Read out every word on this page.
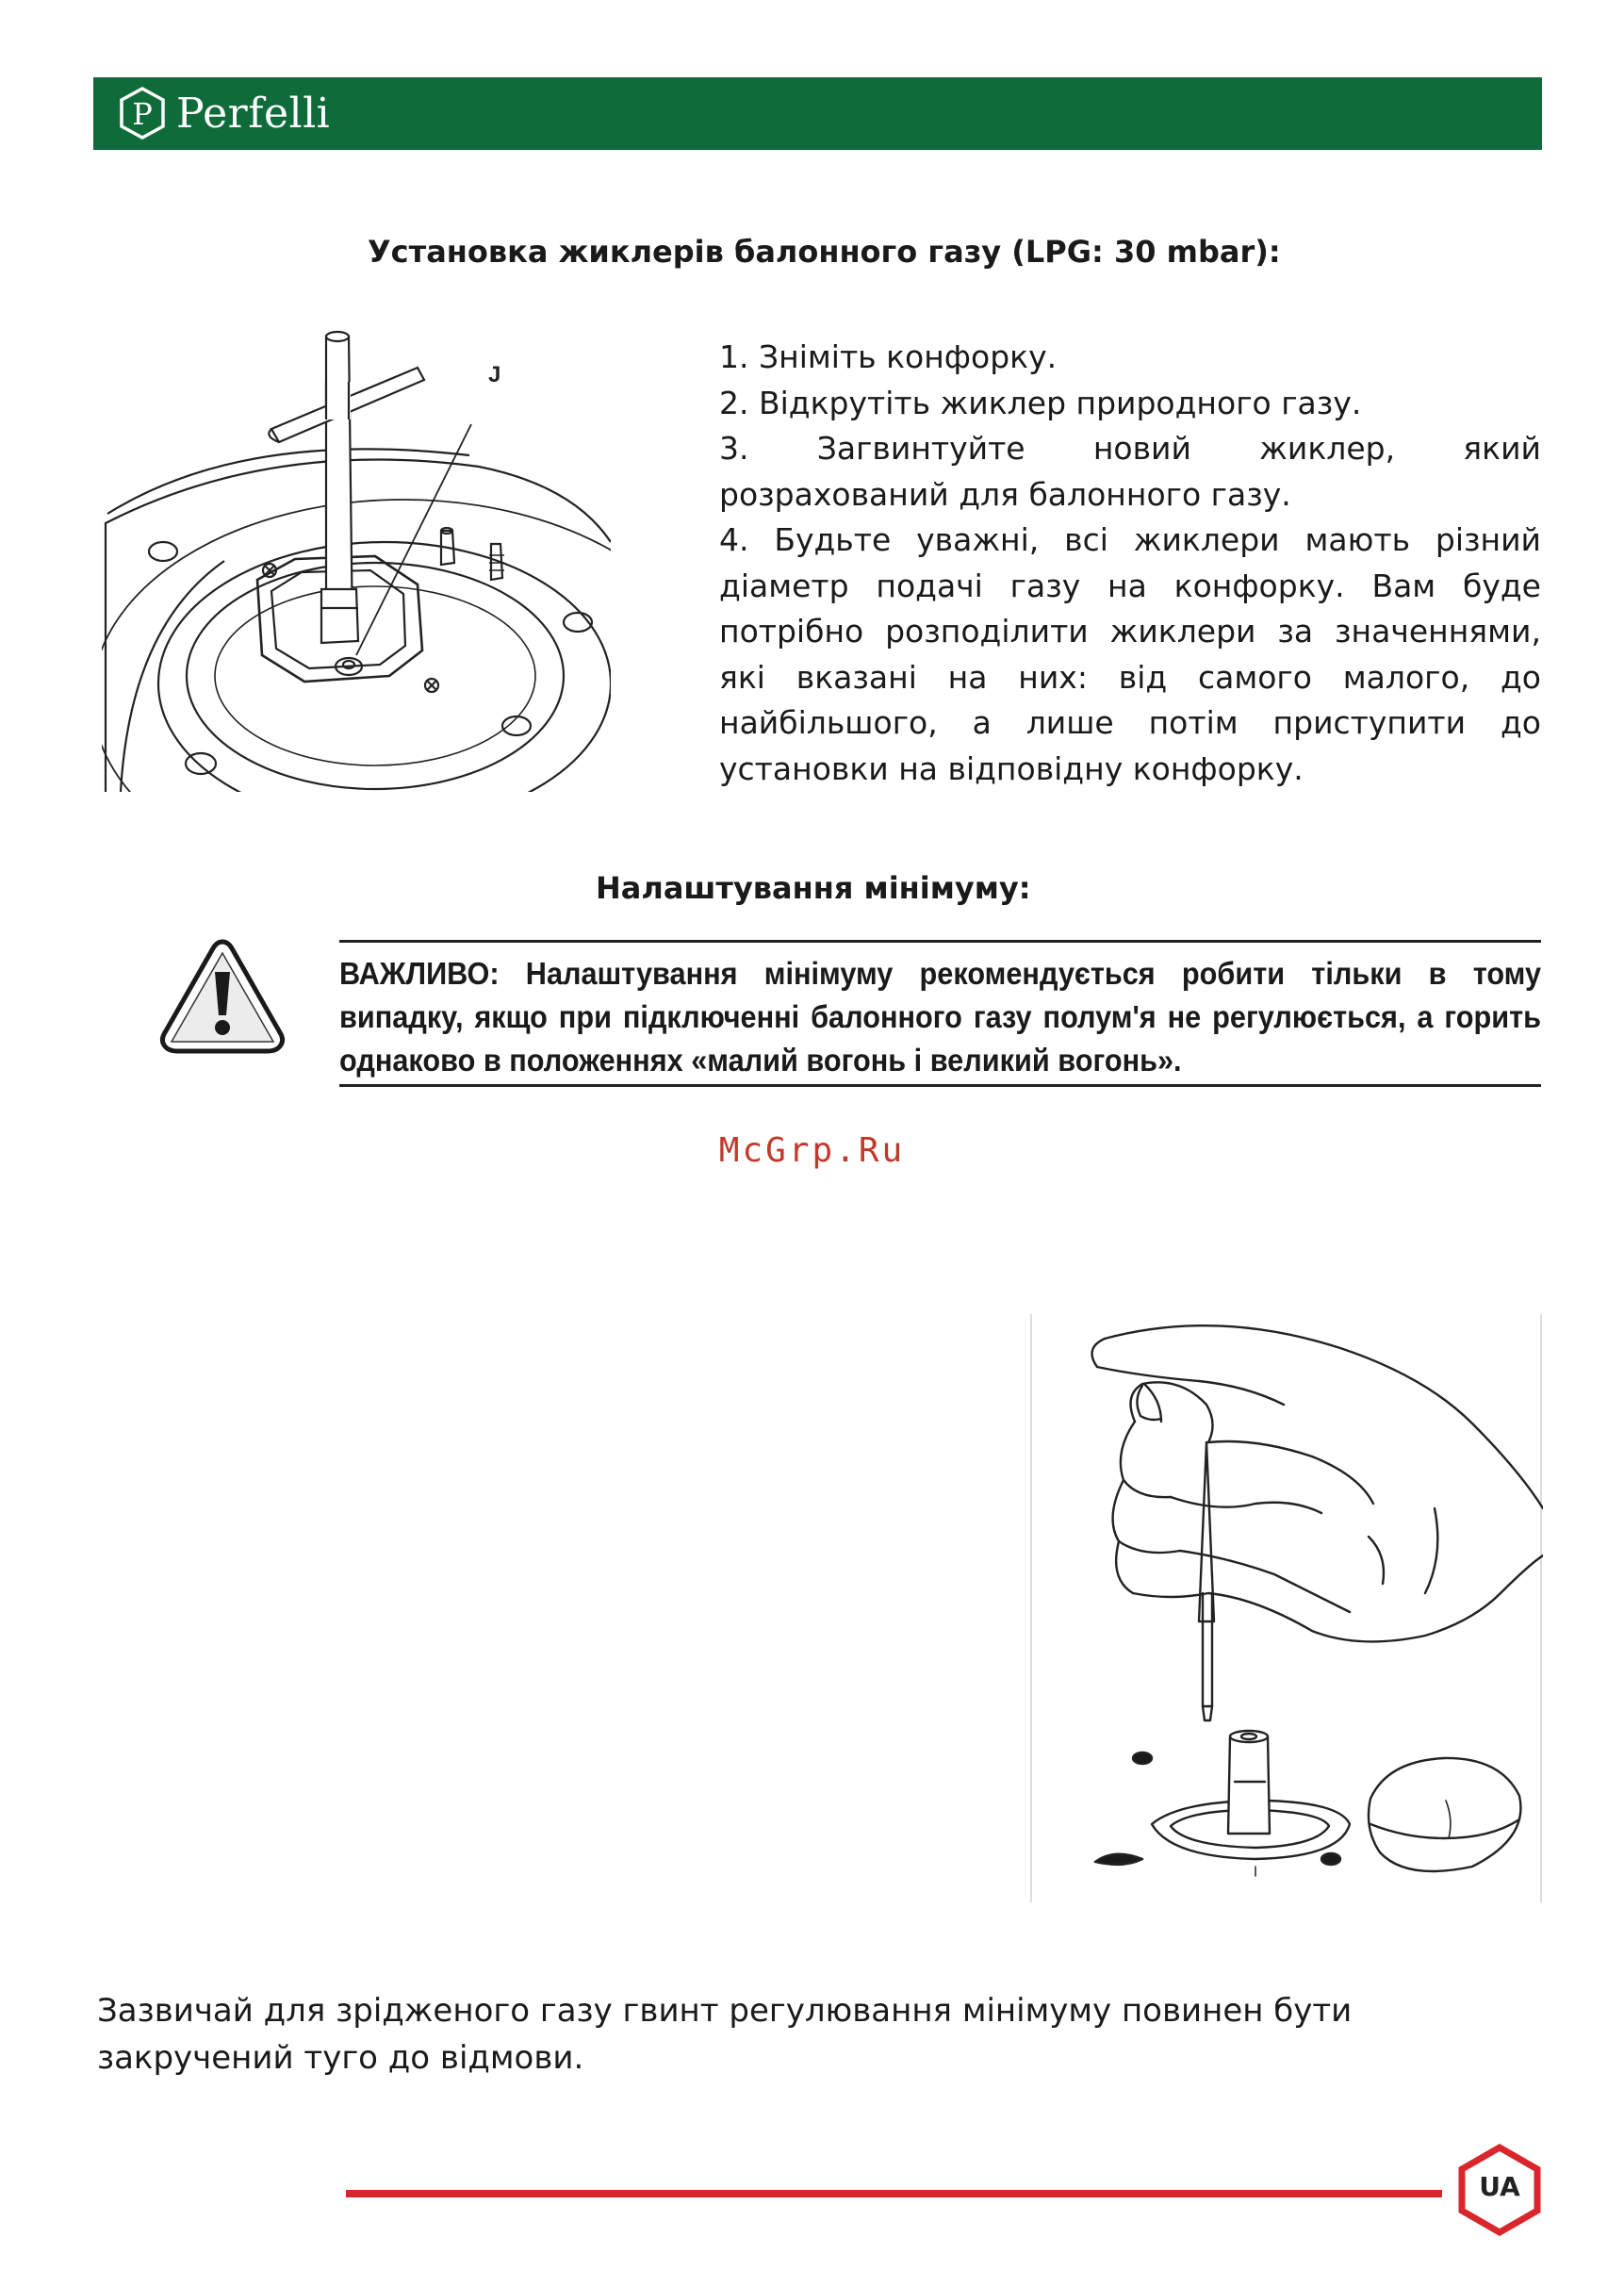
P Perfelli
Установка жиклерів балонного газу (LPG: 30 mbar):
J	1. Зніміть конфорку.
2. Відкрутіть жиклер природного газу.
3. Загвинтуйте новий жиклер, який розрахований для балонного газу.
4. Будьте уважні, всі жиклери мають різний діаметр подачі газу на конфорку. Вам буде потрібно розподілити жиклери за значеннями, які вказані на них: від самого малого, до найбільшого, а лише потім приступити до установки на відповідну конфорку.
Налаштування мінімуму:

ВАЖЛИВО: Налаштування мінімуму рекомендується робити тільки в тому випадку, якщо при підключенні балонного газу полум'я не регулюється, а горить однаково в положеннях «малий вогонь і великий вогонь».

McGrp.Ru

Зазвичай для зрідженого газу гвинт регулювання мінімуму повинен бути закручений туго до відмови.

UA
